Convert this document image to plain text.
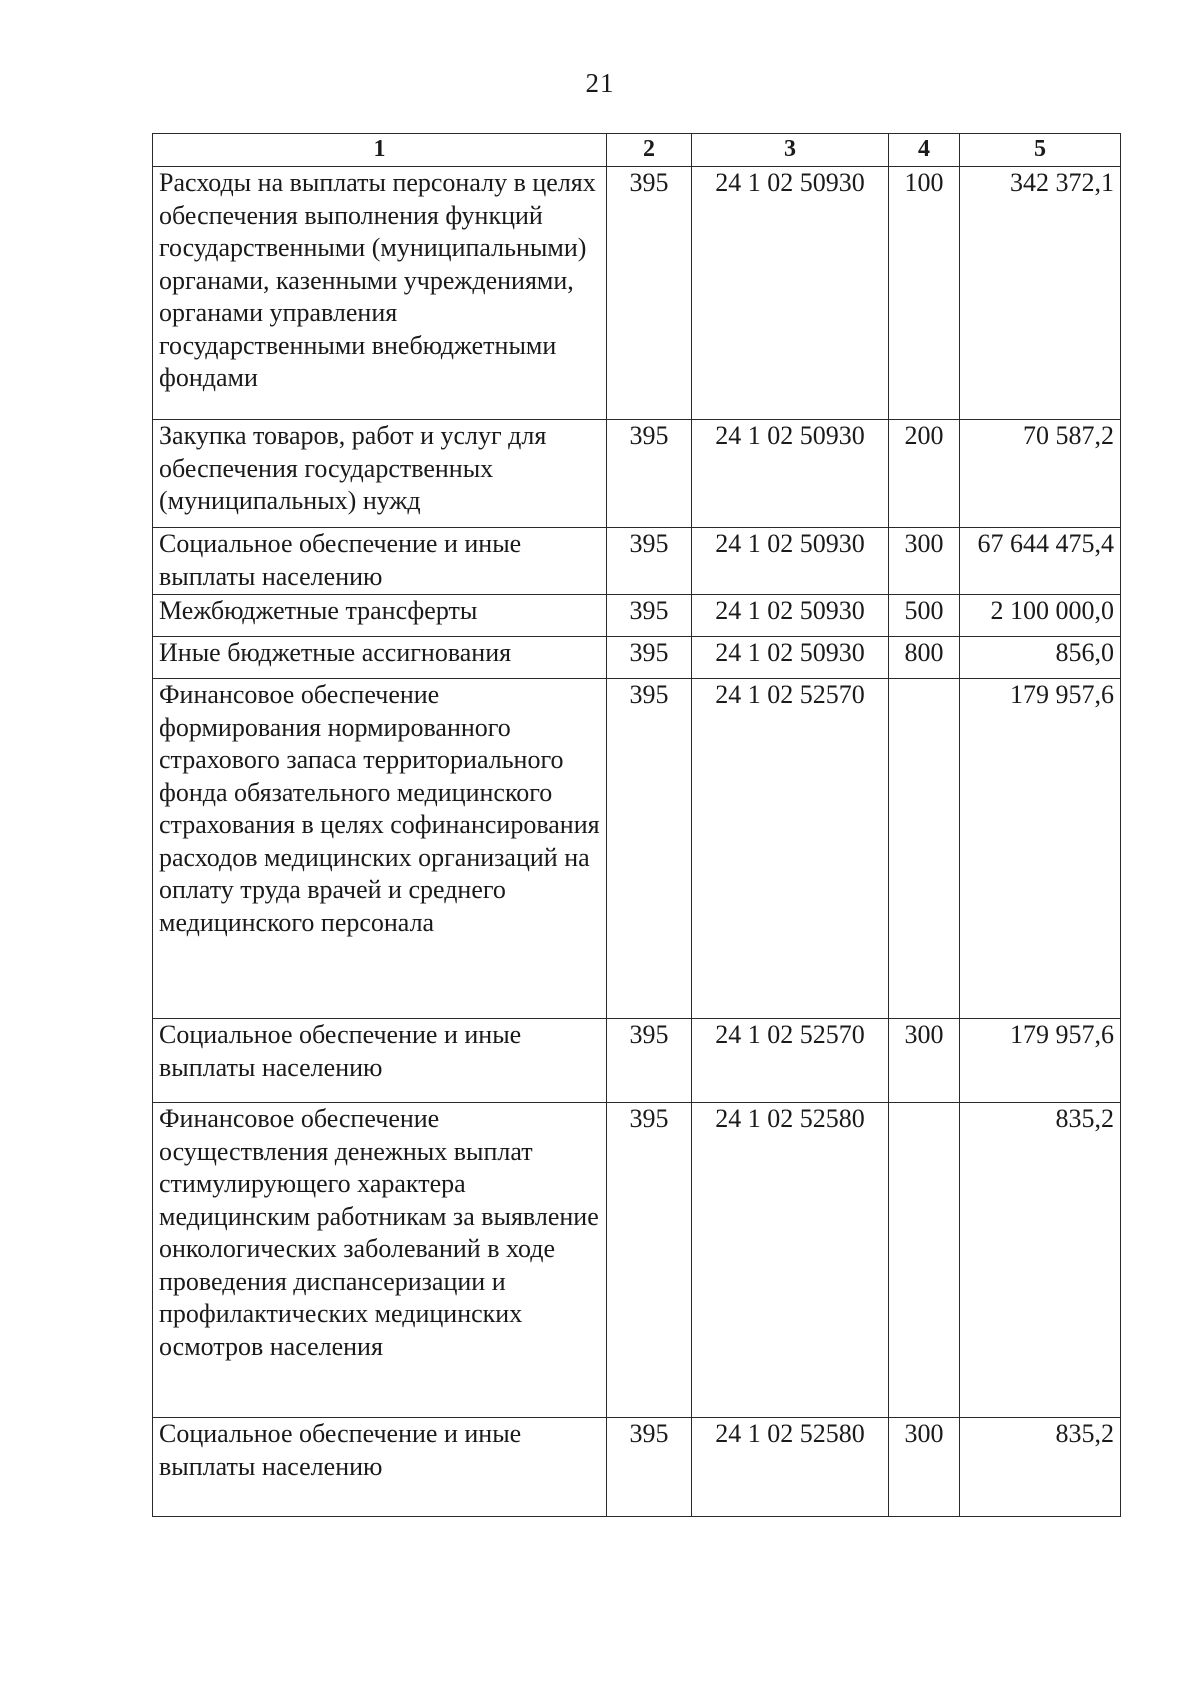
21
1	2	3	4	5
Расходы на выплаты персоналу в целях обеспечения выполнения функций государственными (муниципальными) органами, казенными учреждениями, органами управления государственными внебюджетными фондами	395	24 1 02 50930	100	342 372,1
Закупка товаров, работ и услуг для обеспечения государственных (муниципальных) нужд	395	24 1 02 50930	200	70 587,2
Социальное обеспечение и иные выплаты населению	395	24 1 02 50930	300	67 644 475,4
Межбюджетные трансферты	395	24 1 02 50930	500	2 100 000,0
Иные бюджетные ассигнования	395	24 1 02 50930	800	856,0
Финансовое обеспечение формирования нормированного страхового запаса территориального фонда обязательного медицинского страхования в целях софинансирования расходов медицинских организаций на оплату труда врачей и среднего медицинского персонала	395	24 1 02 52570		179 957,6
Социальное обеспечение и иные выплаты населению	395	24 1 02 52570	300	179 957,6
Финансовое обеспечение осуществления денежных выплат стимулирующего характера медицинским работникам за выявление онкологических заболеваний в ходе проведения диспансеризации и профилактических медицинских осмотров населения	395	24 1 02 52580		835,2
Социальное обеспечение и иные выплаты населению	395	24 1 02 52580	300	835,2
